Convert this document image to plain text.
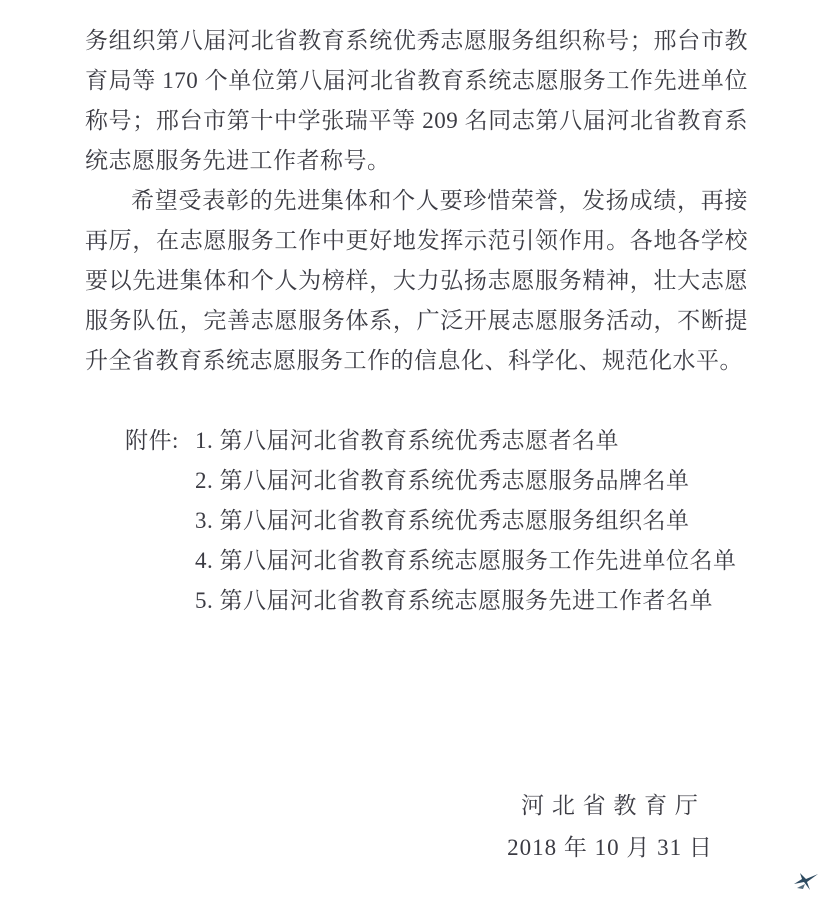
务组织第八届河北省教育系统优秀志愿服务组织称号；邢台市教育局等 170 个单位第八届河北省教育系统志愿服务工作先进单位称号；邢台市第十中学张瑞平等 209 名同志第八届河北省教育系统志愿服务先进工作者称号。

希望受表彰的先进集体和个人要珍惜荣誉，发扬成绩，再接再厉，在志愿服务工作中更好地发挥示范引领作用。各地各学校要以先进集体和个人为榜样，大力弘扬志愿服务精神，壮大志愿服务队伍，完善志愿服务体系，广泛开展志愿服务活动，不断提升全省教育系统志愿服务工作的信息化、科学化、规范化水平。

附件: 1. 第八届河北省教育系统优秀志愿者名单
2. 第八届河北省教育系统优秀志愿服务品牌名单
3. 第八届河北省教育系统优秀志愿服务组织名单
4. 第八届河北省教育系统志愿服务工作先进单位名单
5. 第八届河北省教育系统志愿服务先进工作者名单
河 北 省 教 育 厅
2018 年 10 月 31 日
